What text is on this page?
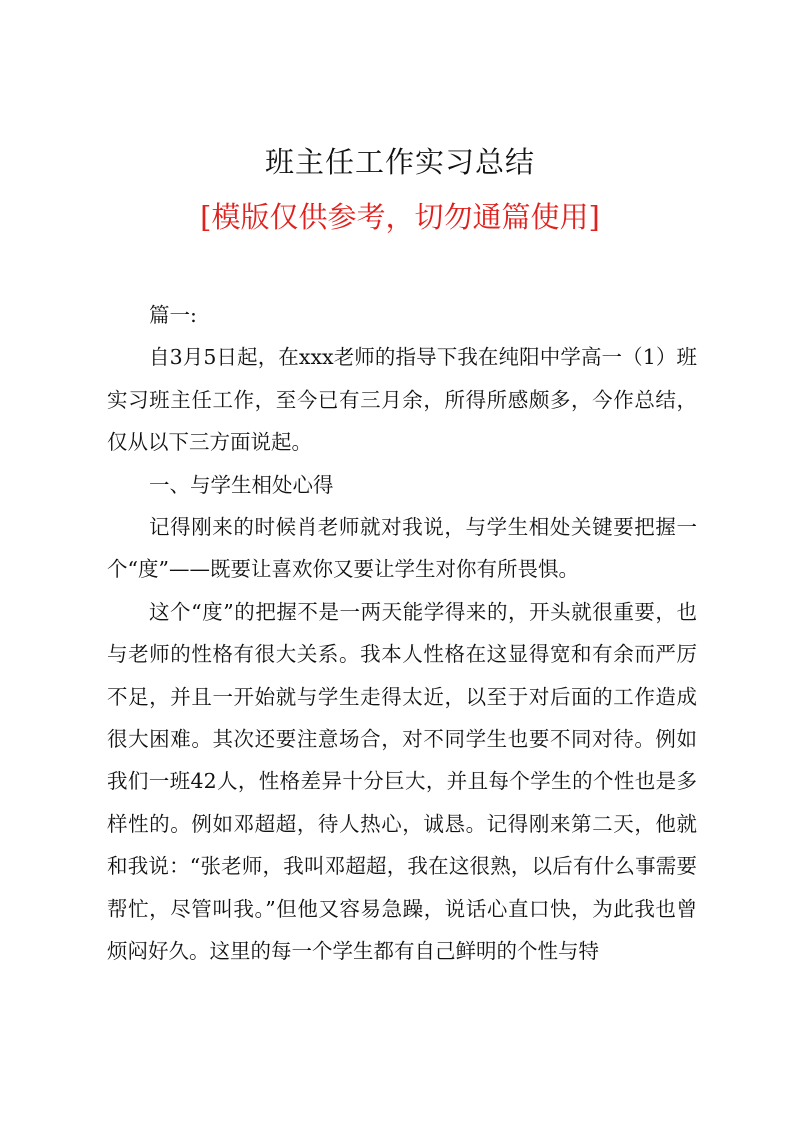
班主任工作实习总结
[模版仅供参考，切勿通篇使用]

篇一:

自3月5日起，在xxx老师的指导下我在纯阳中学高一（1）班实习班主任工作，至今已有三月余，所得所感颇多，今作总结，仅从以下三方面说起。

一、与学生相处心得

记得刚来的时候肖老师就对我说，与学生相处关键要把握一个“度”——既要让喜欢你又要让学生对你有所畏惧。

这个“度”的把握不是一两天能学得来的，开头就很重要，也与老师的性格有很大关系。我本人性格在这显得宽和有余而严厉不足，并且一开始就与学生走得太近，以至于对后面的工作造成很大困难。其次还要注意场合，对不同学生也要不同对待。例如我们一班42人，性格差异十分巨大，并且每个学生的个性也是多样性的。例如邓超超，待人热心，诚恳。记得刚来第二天，他就和我说：“张老师，我叫邓超超，我在这很熟，以后有什么事需要帮忙，尽管叫我。”但他又容易急躁，说话心直口快，为此我也曾烦闷好久。这里的每一个学生都有自己鲜明的个性与特
